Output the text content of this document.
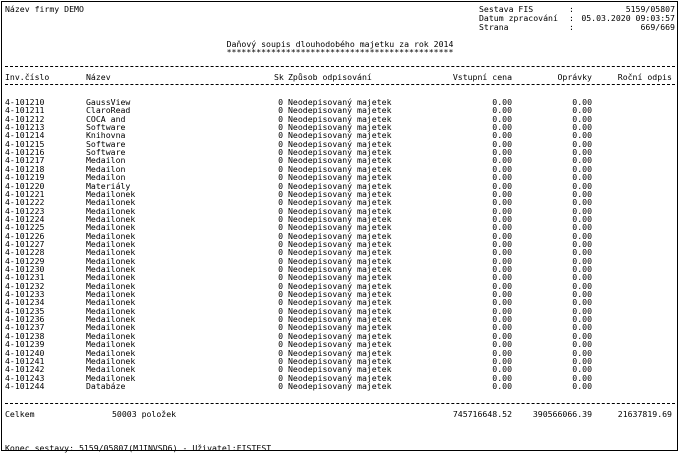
Název firmy DEMO	Sestava FIS	:	5159/05807
Datum zpracování : 05.03.2020 09:03:57
Strana	:	669/669
Daňový soupis dlouhodobého majetku za rok 2014
**********************************************
Inv.číslo	Název	Sk Způsob odpisování	Vstupní cena	Oprávky	Roční odpis
4-101210	GaussView	0 Neodepisovaný majetek	0.00	0.00
4-101211	ClaroRead	0 Neodepisovaný majetek	0.00	0.00
4-101212	COCA and	0 Neodepisovaný majetek	0.00	0.00
4-101213	Software	0 Neodepisovaný majetek	0.00	0.00
4-101214	Knihovna	0 Neodepisovaný majetek	0.00	0.00
4-101215	Software	0 Neodepisovaný majetek	0.00	0.00
4-101216	Software	0 Neodepisovaný majetek	0.00	0.00
4-101217	Medailon	0 Neodepisovaný majetek	0.00	0.00
4-101218	Medailon	0 Neodepisovaný majetek	0.00	0.00
4-101219	Medailon	0 Neodepisovaný majetek	0.00	0.00
4-101220	Materiály	0 Neodepisovaný majetek	0.00	0.00
4-101221	Medailonek	0 Neodepisovaný majetek	0.00	0.00
4-101222	Medailonek	0 Neodepisovaný majetek	0.00	0.00
4-101223	Medailonek	0 Neodepisovaný majetek	0.00	0.00
4-101224	Medailonek	0 Neodepisovaný majetek	0.00	0.00
4-101225	Medailonek	0 Neodepisovaný majetek	0.00	0.00
4-101226	Medailonek	0 Neodepisovaný majetek	0.00	0.00
4-101227	Medailonek	0 Neodepisovaný majetek	0.00	0.00
4-101228	Medailonek	0 Neodepisovaný majetek	0.00	0.00
4-101229	Medailonek	0 Neodepisovaný majetek	0.00	0.00
4-101230	Medailonek	0 Neodepisovaný majetek	0.00	0.00
4-101231	Medailonek	0 Neodepisovaný majetek	0.00	0.00
4-101232	Medailonek	0 Neodepisovaný majetek	0.00	0.00
4-101233	Medailonek	0 Neodepisovaný majetek	0.00	0.00
4-101234	Medailonek	0 Neodepisovaný majetek	0.00	0.00
4-101235	Medailonek	0 Neodepisovaný majetek	0.00	0.00
4-101236	Medailonek	0 Neodepisovaný majetek	0.00	0.00
4-101237	Medailonek	0 Neodepisovaný majetek	0.00	0.00
4-101238	Medailonek	0 Neodepisovaný majetek	0.00	0.00
4-101239	Medailonek	0 Neodepisovaný majetek	0.00	0.00
4-101240	Medailonek	0 Neodepisovaný majetek	0.00	0.00
4-101241	Medailonek	0 Neodepisovaný majetek	0.00	0.00
4-101242	Medailonek	0 Neodepisovaný majetek	0.00	0.00
4-101243	Medailonek	0 Neodepisovaný majetek	0.00	0.00
4-101244	Databáze	0 Neodepisovaný majetek	0.00	0.00
Celkem	50003 položek	745716648.52	390566066.39	21637819.69
Konec sestavy: 5159/05807(MJINVSD6) - Uživatel:FISTEST
